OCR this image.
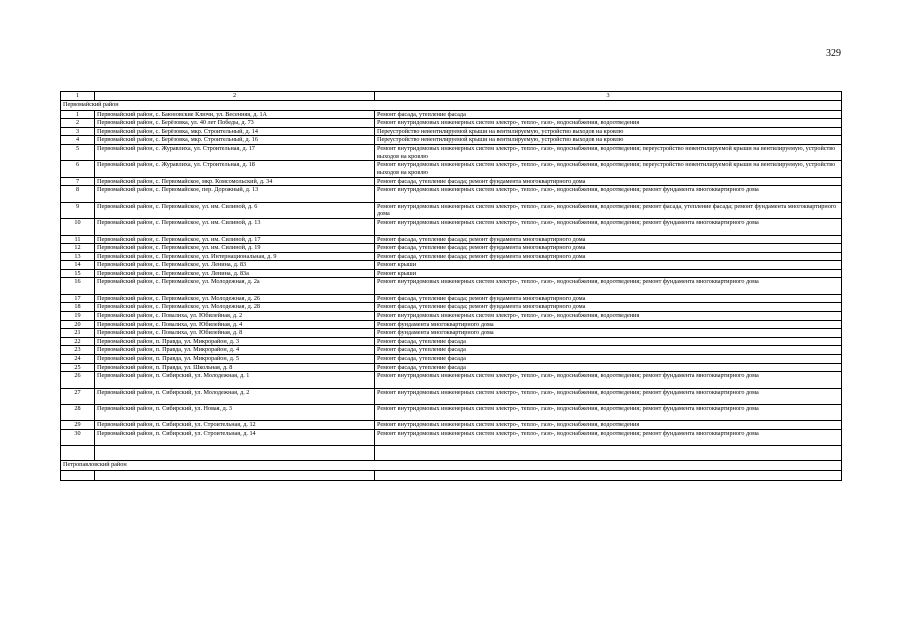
329
1	2	3
Первомайский район		
1	Первомайский район, с. Баюновские Ключи, ул. Весенняя, д. 1А	Ремонт фасада, утепление фасада
2	Первомайский район, с. Берёзовка, ул. 40 лет Победы, д. 73	Ремонт внутридомовых инженерных систем электро-, тепло-, газо-, водоснабжения, водоотведения
3	Первомайский район, с. Берёзовка, мкр. Строительный, д. 14	Переустройство невентилируемой крыши на вентилируемую, устройство выходов на кровлю
4	Первомайский район, с. Берёзовка, мкр. Строительный, д. 16	Переустройство невентилируемой крыши на вентилируемую, устройство выходов на кровлю
5	Первомайский район, с. Журавлиха, ул. Строительная, д. 17	Ремонт внутридомовых инженерных систем электро-, тепло-, газо-, водоснабжения, водоотведения; переустройство невентилируемой крыши на вентилируемую, устройство выходов на кровлю
6	Первомайский район, с. Журавлиха, ул. Строительная, д. 18	Ремонт внутридомовых инженерных систем электро-, тепло-, газо-, водоснабжения, водоотведения; переустройство невентилируемой крыши на вентилируемую, устройство выходов на кровлю
7	Первомайский район, с. Первомайское, мкр. Комсомольский, д. 34	Ремонт фасада, утепление фасада; ремонт фундамента многоквартирного дома
8	Первомайский район, с. Первомайское, пер. Дорожный, д. 13	Ремонт внутридомовых инженерных систем электро-, тепло-, газо-, водоснабжения, водоотведения; ремонт фундамента многоквартирного дома
9	Первомайский район, с. Первомайское, ул. им. Силиной, д. 6	Ремонт внутридомовых инженерных систем электро-, тепло-, газо-, водоснабжения, водоотведения; ремонт фасада, утепление фасада; ремонт фундамента многоквартирного дома
10	Первомайский район, с. Первомайское, ул. им. Силиной, д. 13	Ремонт внутридомовых инженерных систем электро-, тепло-, газо-, водоснабжения, водоотведения; ремонт фундамента многоквартирного дома
11	Первомайский район, с. Первомайское, ул. им. Силиной, д. 17	Ремонт фасада, утепление фасада; ремонт фундамента многоквартирного дома
12	Первомайский район, с. Первомайское, ул. им. Силиной, д. 19	Ремонт фасада, утепление фасада; ремонт фундамента многоквартирного дома
13	Первомайский район, с. Первомайское, ул. Интернациональная, д. 9	Ремонт фасада, утепление фасада; ремонт фундамента многоквартирного дома
14	Первомайский район, с. Первомайское, ул. Ленина, д. 83	Ремонт крыши
15	Первомайский район, с. Первомайское, ул. Ленина, д. 83а	Ремонт крыши
16	Первомайский район, с. Первомайское, ул. Молодежная, д. 2а	Ремонт внутридомовых инженерных систем электро-, тепло-, газо-, водоснабжения, водоотведения; ремонт фундамента многоквартирного дома
17	Первомайский район, с. Первомайское, ул. Молодежная, д. 26	Ремонт фасада, утепление фасада; ремонт фундамента многоквартирного дома
18	Первомайский район, с. Первомайское, ул. Молодежная, д. 28	Ремонт фасада, утепление фасада; ремонт фундамента многоквартирного дома
19	Первомайский район, с. Повалиха, ул. Юбилейная, д. 2	Ремонт внутридомовых инженерных систем электро-, тепло-, газо-, водоснабжения, водоотведения
20	Первомайский район, с. Повалиха, ул. Юбилейная, д. 4	Ремонт фундамента многоквартирного дома
21	Первомайский район, с. Повалиха, ул. Юбилейная, д. 8	Ремонт фундамента многоквартирного дома
22	Первомайский район, п. Правда, ул. Микрорайон, д. 3	Ремонт фасада, утепление фасада
23	Первомайский район, п. Правда, ул. Микрорайон, д. 4	Ремонт фасада, утепление фасада
24	Первомайский район, п. Правда, ул. Микрорайон, д. 5	Ремонт фасада, утепление фасада
25	Первомайский район, п. Правда, ул. Школьная, д. 8	Ремонт фасада, утепление фасада
26	Первомайский район, п. Сибирский, ул. Молодежная, д. 1	Ремонт внутридомовых инженерных систем электро-, тепло-, газо-, водоснабжения, водоотведения; ремонт фундамента многоквартирного дома
27	Первомайский район, п. Сибирский, ул. Молодежная, д. 2	Ремонт внутридомовых инженерных систем электро-, тепло-, газо-, водоснабжения, водоотведения; ремонт фундамента многоквартирного дома
28	Первомайский район, п. Сибирский, ул. Новая, д. 3	Ремонт внутридомовых инженерных систем электро-, тепло-, газо-, водоснабжения, водоотведения; ремонт фундамента многоквартирного дома
29	Первомайский район, п. Сибирский, ул. Строительная, д. 12	Ремонт внутридомовых инженерных систем электро-, тепло-, газо-, водоснабжения, водоотведения
30	Первомайский район, п. Сибирский, ул. Строительная, д. 14	Ремонт внутридомовых инженерных систем электро-, тепло-, газо-, водоснабжения, водоотведения; ремонт фундамента многоквартирного дома

Петропавловский район		
